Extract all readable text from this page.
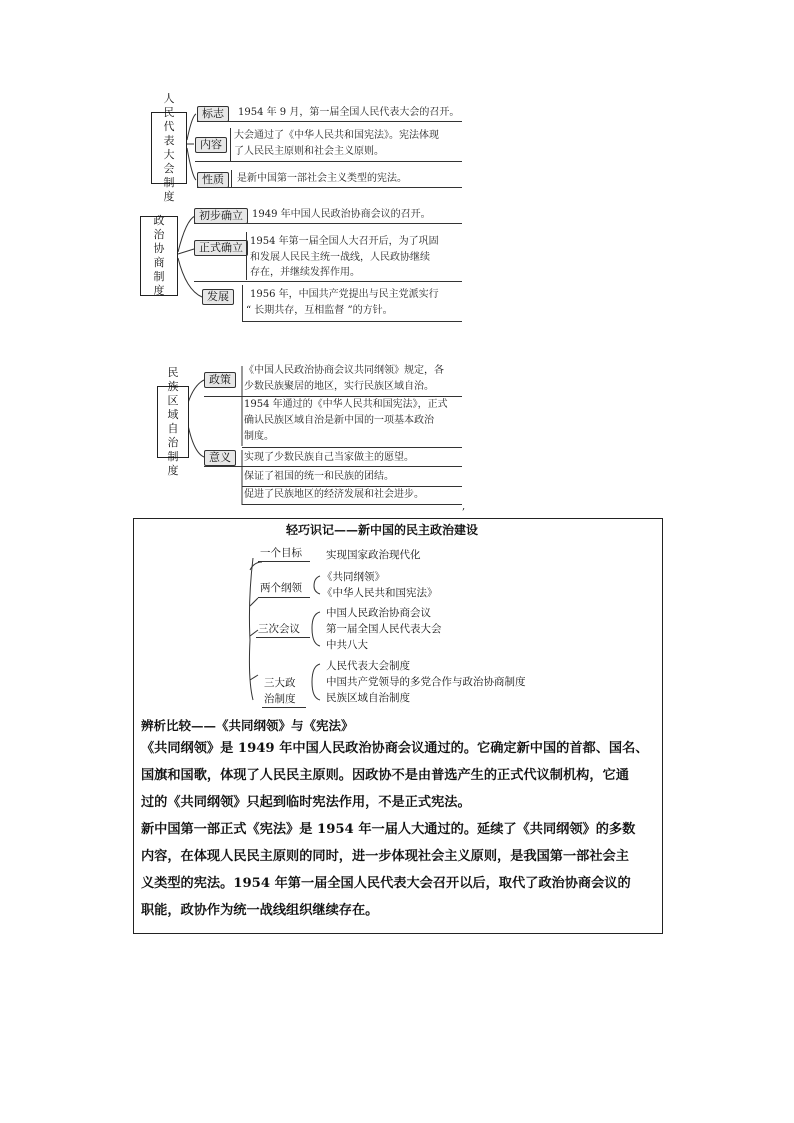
人民代表大会制度
标志	1954 年 9 月，第一届全国人民代表大会的召开。
内容
大会通过了《中华人民共和国宪法》。宪法体现
了人民民主原则和社会主义原则。
性质	是新中国第一部社会主义类型的宪法。
政治协商制度
初步确立 1949 年中国人民政治协商会议的召开。
正式确立 1954 年第一届全国人大召开后，为了巩固
和发展人民民主统一战线，人民政协继续
存在，并继续发挥作用。
发展	1956 年，中国共产党提出与民主党派实行
“ 长期共存，互相监督 ”的方针。
民族区域自治制度
政策
《中国人民政治协商会议共同纲领》规定，各
少数民族聚居的地区，实行民族区域自治。
1954 年通过的《中华人民共和国宪法》，正式
确认民族区域自治是新中国的一项基本政治
制度。
意义	实现了少数民族自己当家做主的愿望。
保证了祖国的统一和民族的团结。
促进了民族地区的经济发展和社会进步。
,
轻巧识记——新中国的民主政治建设
一个目标 实现国家政治现代化
两个纲领
《共同纲领》
《中华人民共和国宪法》
三次会议
中国人民政治协商会议
第一届全国人民代表大会
中共八大
三大政
治制度
人民代表大会制度
中国共产党领导的多党合作与政治协商制度
民族区域自治制度
辨析比较——《共同纲领》与《宪法》
《共同纲领》是 1949 年中国人民政治协商会议通过的。它确定新中国的首都、国名、
国旗和国歌，体现了人民民主原则。因政协不是由普选产生的正式代议制机构，它通
过的《共同纲领》只起到临时宪法作用，不是正式宪法。
新中国第一部正式《宪法》是 1954 年一届人大通过的。延续了《共同纲领》的多数
内容，在体现人民民主原则的同时，进一步体现社会主义原则，是我国第一部社会主
义类型的宪法。1954 年第一届全国人民代表大会召开以后，取代了政治协商会议的
职能，政协作为统一战线组织继续存在。
